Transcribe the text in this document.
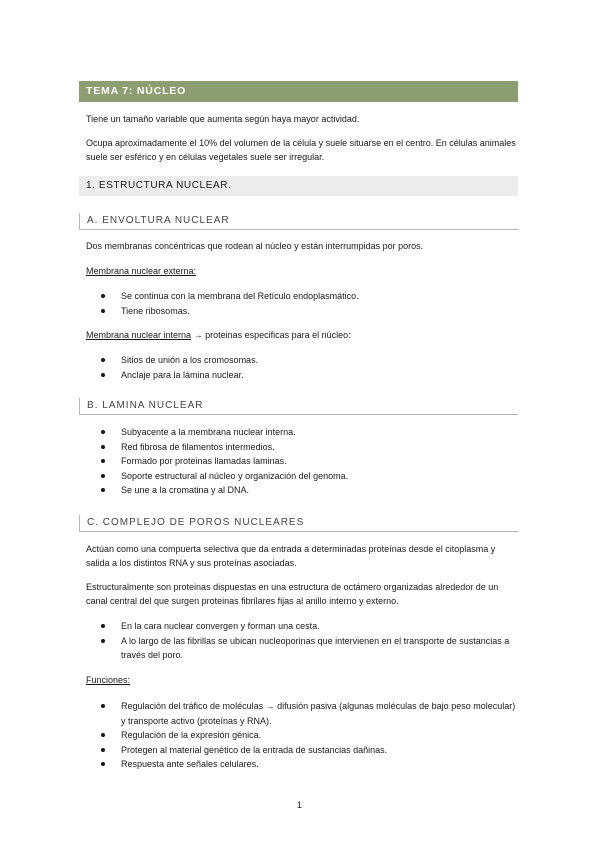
TEMA 7: NÚCLEO

Tiene un tamaño variable que aumenta según haya mayor actividad.

Ocupa aproximadamente el 10% del volumen de la célula y suele situarse en el centro. En células animales suele ser esférico y en células vegetales suele ser irregular.

1. ESTRUCTURA NUCLEAR.
A. ENVOLTURA NUCLEAR

Dos membranas concéntricas que rodean al núcleo y están interrumpidas por poros.

Membrana nuclear externa:

Se continua con la membrana del Retículo endoplasmático.
Tiene ribosomas.

Membrana nuclear interna → proteinas especificas para el núcleo:

Sitios de unión a los cromosomas.
Anclaje para la lámina nuclear.
B. LAMINA NUCLEAR
Subyacente a la membrana nuclear interna.
Red fibrosa de filamentos intermedios.
Formado por proteinas llamadas laminas.
Soporte estructural al núcleo y organización del genoma.
Se une a la cromatina y al DNA.
C. COMPLEJO DE POROS NUCLEARES

Actúan como una compuerta selectiva que da entrada a determinadas proteínas desde el citoplasma y salida a los distintos RNA y sus proteínas asociadas.

Estructuralmente son proteinas dispuestas en una estructura de octámero organizadas alrededor de un canal central del que surgen proteinas fibrilares fijas al anillo interno y externo.

En la cara nuclear convergen y forman una cesta.
A lo largo de las fibrillas se ubican nucleoporinas que intervienen en el transporte de sustancias a través del poro.

Funciones:

Regulación del tráfico de moléculas → difusión pasiva (algunas moléculas de bajo peso molecular) y transporte activo (proteínas y RNA).
Regulación de la expresión génica.
Protegen al material genético de la entrada de sustancias dañinas.
Respuesta ante señales celulares.
1
